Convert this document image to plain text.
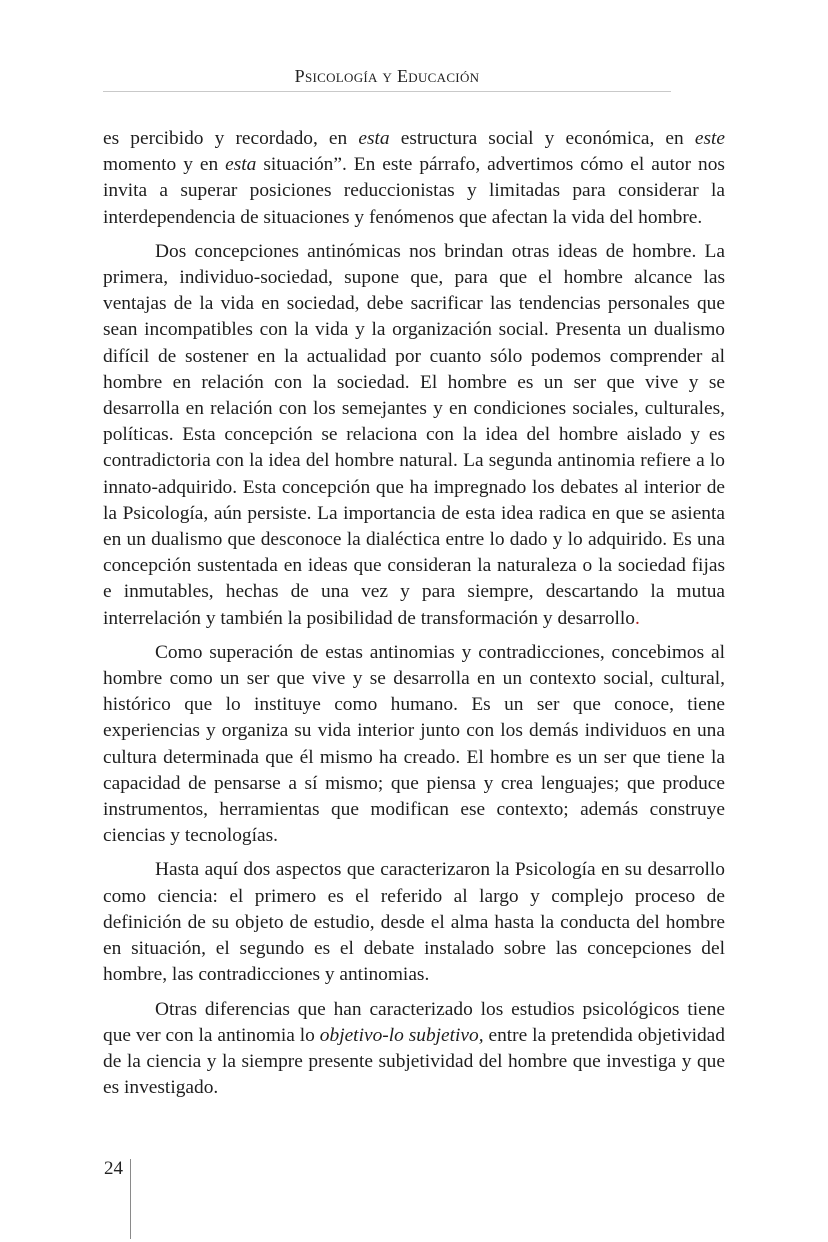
Psicología y Educación

es percibido y recordado, en esta estructura social y económica, en este momento y en esta situación”. En este párrafo, advertimos cómo el autor nos invita a superar posiciones reduccionistas y limitadas para considerar la interdependencia de situaciones y fenómenos que afectan la vida del hombre.

Dos concepciones antinómicas nos brindan otras ideas de hombre. La primera, individuo-sociedad, supone que, para que el hombre alcance las ventajas de la vida en sociedad, debe sacrificar las tendencias personales que sean incompatibles con la vida y la organización social. Presenta un dualismo difícil de sostener en la actualidad por cuanto sólo podemos comprender al hombre en relación con la sociedad. El hombre es un ser que vive y se desarrolla en relación con los semejantes y en condiciones sociales, culturales, políticas. Esta concepción se relaciona con la idea del hombre aislado y es contradictoria con la idea del hombre natural. La segunda antinomia refiere a lo innato-adquirido. Esta concepción que ha impregnado los debates al interior de la Psicología, aún persiste. La importancia de esta idea radica en que se asienta en un dualismo que desconoce la dialéctica entre lo dado y lo adquirido. Es una concepción sustentada en ideas que consideran la naturaleza o la sociedad fijas e inmutables, hechas de una vez y para siempre, descartando la mutua interrelación y también la posibilidad de transformación y desarrollo.

Como superación de estas antinomias y contradicciones, concebimos al hombre como un ser que vive y se desarrolla en un contexto social, cultural, histórico que lo instituye como humano. Es un ser que conoce, tiene experiencias y organiza su vida interior junto con los demás individuos en una cultura determinada que él mismo ha creado. El hombre es un ser que tiene la capacidad de pensarse a sí mismo; que piensa y crea lenguajes; que produce instrumentos, herramientas que modifican ese contexto; además construye ciencias y tecnologías.

Hasta aquí dos aspectos que caracterizaron la Psicología en su desarrollo como ciencia: el primero es el referido al largo y complejo proceso de definición de su objeto de estudio, desde el alma hasta la conducta del hombre en situación, el segundo es el debate instalado sobre las concepciones del hombre, las contradicciones y antinomias.

Otras diferencias que han caracterizado los estudios psicológicos tiene que ver con la antinomia lo objetivo-lo subjetivo, entre la pretendida objetividad de la ciencia y la siempre presente subjetividad del hombre que investiga y que es investigado.

24
